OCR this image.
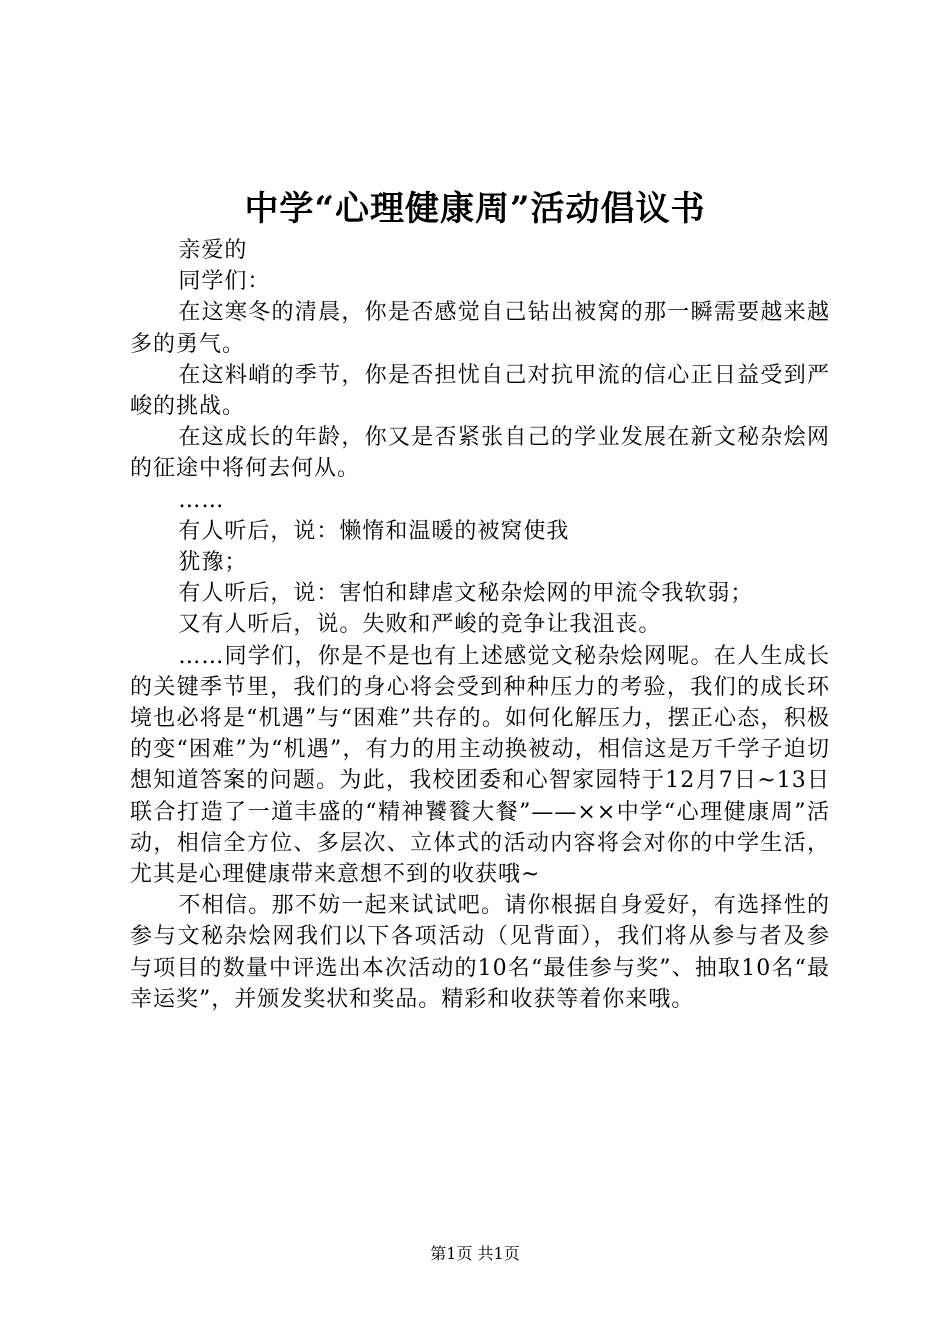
中学“心理健康周”活动倡议书

亲爱的

同学们：

在这寒冬的清晨，你是否感觉自己钻出被窝的那一瞬需要越来越多的勇气。

在这料峭的季节，你是否担忧自己对抗甲流的信心正日益受到严峻的挑战。

在这成长的年龄，你又是否紧张自己的学业发展在新文秘杂烩网的征途中将何去何从。

……

有人听后，说：懒惰和温暖的被窝使我

犹豫；

有人听后，说：害怕和肆虐文秘杂烩网的甲流令我软弱；

又有人听后，说。失败和严峻的竞争让我沮丧。

……同学们，你是不是也有上述感觉文秘杂烩网呢。在人生成长的关键季节里，我们的身心将会受到种种压力的考验，我们的成长环境也必将是“机遇”与“困难”共存的。如何化解压力，摆正心态，积极的变“困难”为“机遇”，有力的用主动换被动，相信这是万千学子迫切想知道答案的问题。为此，我校团委和心智家园特于12月7日~13日联合打造了一道丰盛的“精神饕餮大餐”——××中学“心理健康周”活动，相信全方位、多层次、立体式的活动内容将会对你的中学生活，尤其是心理健康带来意想不到的收获哦~

不相信。那不妨一起来试试吧。请你根据自身爱好，有选择性的参与文秘杂烩网我们以下各项活动（见背面），我们将从参与者及参与项目的数量中评选出本次活动的10名“最佳参与奖”、抽取10名“最幸运奖”，并颁发奖状和奖品。精彩和收获等着你来哦。

第1页 共1页
